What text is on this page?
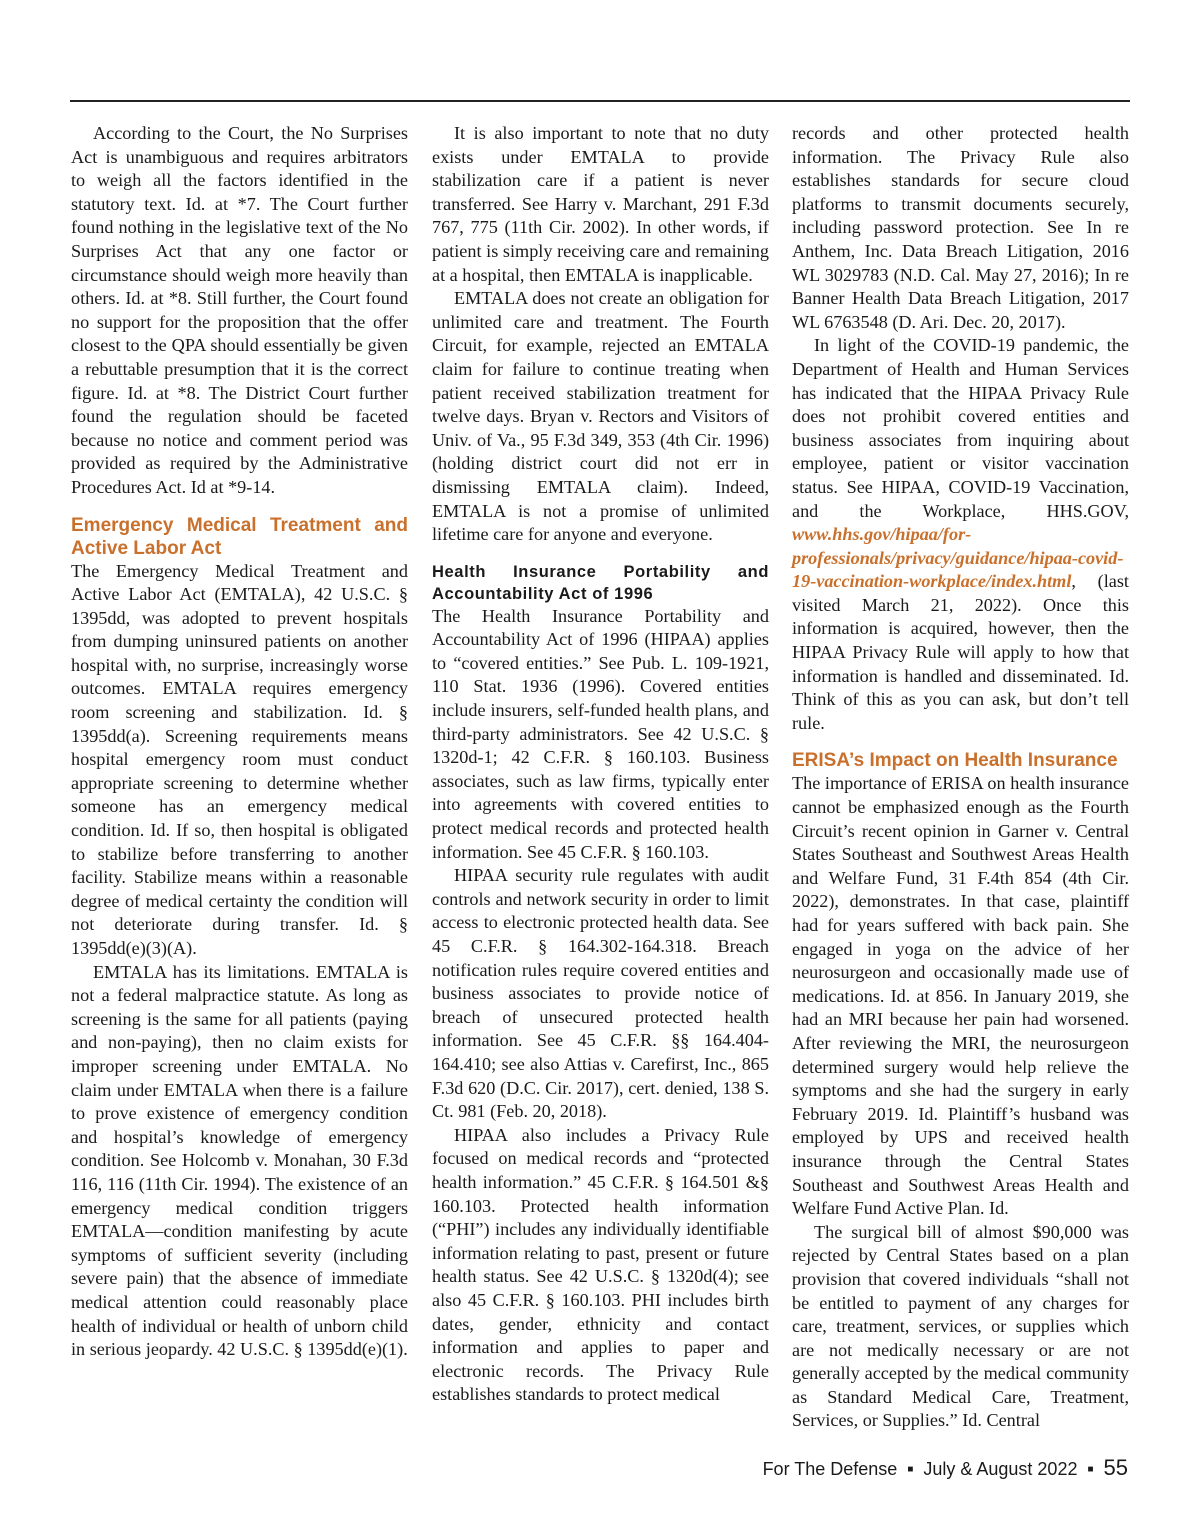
According to the Court, the No Surprises Act is unambiguous and requires arbitrators to weigh all the factors identified in the statutory text. Id. at *7. The Court further found nothing in the legislative text of the No Surprises Act that any one factor or circumstance should weigh more heavily than others. Id. at *8. Still further, the Court found no support for the proposition that the offer closest to the QPA should essentially be given a rebuttable presumption that it is the correct figure. Id. at *8. The District Court further found the regulation should be faceted because no notice and comment period was provided as required by the Administrative Procedures Act. Id at *9-14.

Emergency Medical Treatment and Active Labor Act

The Emergency Medical Treatment and Active Labor Act (EMTALA), 42 U.S.C. § 1395dd, was adopted to prevent hospitals from dumping uninsured patients on another hospital with, no surprise, increasingly worse outcomes. EMTALA requires emergency room screening and stabilization. Id. § 1395dd(a). Screening requirements means hospital emergency room must conduct appropriate screening to determine whether someone has an emergency medical condition. Id. If so, then hospital is obligated to stabilize before transferring to another facility. Stabilize means within a reasonable degree of medical certainty the condition will not deteriorate during transfer. Id. § 1395dd(e)(3)(A).

EMTALA has its limitations. EMTALA is not a federal malpractice statute. As long as screening is the same for all patients (paying and non-paying), then no claim exists for improper screening under EMTALA. No claim under EMTALA when there is a failure to prove existence of emergency condition and hospital’s knowledge of emergency condition. See Holcomb v. Monahan, 30 F.3d 116, 116 (11th Cir. 1994). The existence of an emergency medical condition triggers EMTALA—condition manifesting by acute symptoms of sufficient severity (including severe pain) that the absence of immediate medical attention could reasonably place health of individual or health of unborn child in serious jeopardy. 42 U.S.C. § 1395dd(e)(1).

It is also important to note that no duty exists under EMTALA to provide stabilization care if a patient is never transferred. See Harry v. Marchant, 291 F.3d 767, 775 (11th Cir. 2002). In other words, if patient is simply receiving care and remaining at a hospital, then EMTALA is inapplicable.

EMTALA does not create an obligation for unlimited care and treatment. The Fourth Circuit, for example, rejected an EMTALA claim for failure to continue treating when patient received stabilization treatment for twelve days. Bryan v. Rectors and Visitors of Univ. of Va., 95 F.3d 349, 353 (4th Cir. 1996) (holding district court did not err in dismissing EMTALA claim). Indeed, EMTALA is not a promise of unlimited lifetime care for anyone and everyone.

Health Insurance Portability and Accountability Act of 1996

The Health Insurance Portability and Accountability Act of 1996 (HIPAA) applies to “covered entities.” See Pub. L. 109-1921, 110 Stat. 1936 (1996). Covered entities include insurers, self-funded health plans, and third-party administrators. See 42 U.S.C. § 1320d-1; 42 C.F.R. § 160.103. Business associates, such as law firms, typically enter into agreements with covered entities to protect medical records and protected health information. See 45 C.F.R. § 160.103.

HIPAA security rule regulates with audit controls and network security in order to limit access to electronic protected health data. See 45 C.F.R. § 164.302-164.318. Breach notification rules require covered entities and business associates to provide notice of breach of unsecured protected health information. See 45 C.F.R. §§ 164.404-164.410; see also Attias v. Carefirst, Inc., 865 F.3d 620 (D.C. Cir. 2017), cert. denied, 138 S. Ct. 981 (Feb. 20, 2018).

HIPAA also includes a Privacy Rule focused on medical records and “protected health information.” 45 C.F.R. § 164.501 &§ 160.103. Protected health information (“PHI”) includes any individually identifiable information relating to past, present or future health status. See 42 U.S.C. § 1320d(4); see also 45 C.F.R. § 160.103. PHI includes birth dates, gender, ethnicity and contact information and applies to paper and electronic records. The Privacy Rule establishes standards to protect medical

records and other protected health information. The Privacy Rule also establishes standards for secure cloud platforms to transmit documents securely, including password protection. See In re Anthem, Inc. Data Breach Litigation, 2016 WL 3029783 (N.D. Cal. May 27, 2016); In re Banner Health Data Breach Litigation, 2017 WL 6763548 (D. Ari. Dec. 20, 2017).

In light of the COVID-19 pandemic, the Department of Health and Human Services has indicated that the HIPAA Privacy Rule does not prohibit covered entities and business associates from inquiring about employee, patient or visitor vaccination status. See HIPAA, COVID-19 Vaccination, and the Workplace, HHS.GOV, www.hhs.gov/hipaa/for-professionals/privacy/guidance/hipaa-covid-19-vaccination-workplace/index.html, (last visited March 21, 2022). Once this information is acquired, however, then the HIPAA Privacy Rule will apply to how that information is handled and disseminated. Id. Think of this as you can ask, but don’t tell rule.

ERISA’s Impact on Health Insurance

The importance of ERISA on health insurance cannot be emphasized enough as the Fourth Circuit’s recent opinion in Garner v. Central States Southeast and Southwest Areas Health and Welfare Fund, 31 F.4th 854 (4th Cir. 2022), demonstrates. In that case, plaintiff had for years suffered with back pain. She engaged in yoga on the advice of her neurosurgeon and occasionally made use of medications. Id. at 856. In January 2019, she had an MRI because her pain had worsened. After reviewing the MRI, the neurosurgeon determined surgery would help relieve the symptoms and she had the surgery in early February 2019. Id. Plaintiff’s husband was employed by UPS and received health insurance through the Central States Southeast and Southwest Areas Health and Welfare Fund Active Plan. Id.

The surgical bill of almost $90,000 was rejected by Central States based on a plan provision that covered individuals “shall not be entitled to payment of any charges for care, treatment, services, or supplies which are not medically necessary or are not generally accepted by the medical community as Standard Medical Care, Treatment, Services, or Supplies.” Id. Central

For The Defense ■ July & August 2022 ■ 55
